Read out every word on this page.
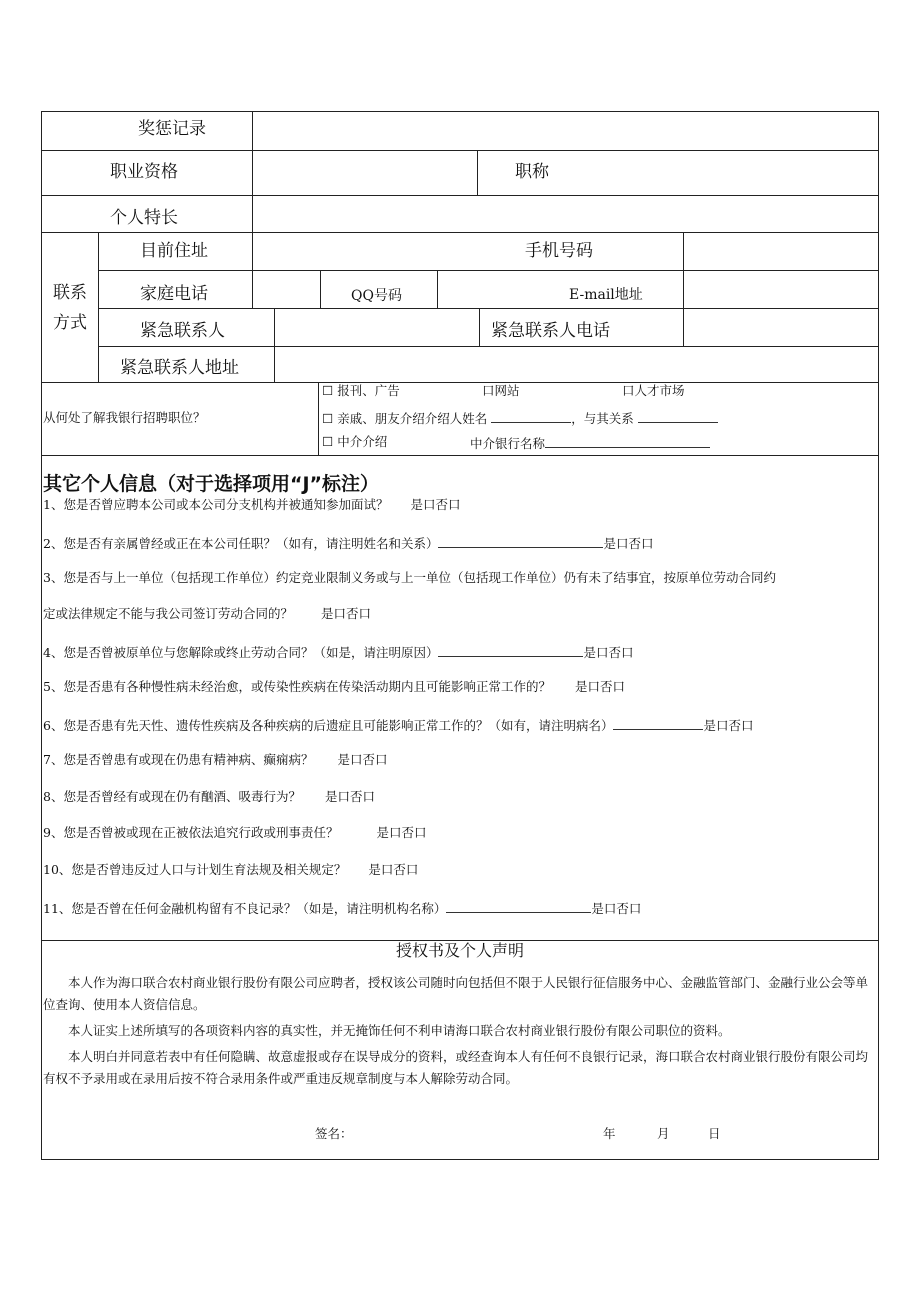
奖惩记录
职业资格	职称
个人特长
联系
方式
目前住址	手机号码
家庭电话	QQ号码	E-mail地址
紧急联系人	紧急联系人电话
紧急联系人地址
从何处了解我银行招聘职位？
☐ 报刊、广告	口网站	口人才市场
☐ 亲戚、朋友介绍介绍人姓名	，与其关系
☐ 中介介绍	中介银行名称
其它个人信息（对于选择项用“J”标注）
1、您是否曾应聘本公司或本公司分支机构并被通知参加面试？ 是口否口
2、您是否有亲属曾经或正在本公司任职？（如有，请注明姓名和关系）	是口否口
3、您是否与上一单位（包括现工作单位）约定竞业限制义务或与上一单位（包括现工作单位）仍有未了结事宜，按原单位劳动合同约
定或法律规定不能与我公司签订劳动合同的？ 是口否口
4、您是否曾被原单位与您解除或终止劳动合同？（如是，请注明原因）	是口否口
5、您是否患有各种慢性病未经治愈，或传染性疾病在传染活动期内且可能影响正常工作的？ 是口否口
6、您是否患有先天性、遗传性疾病及各种疾病的后遗症且可能影响正常工作的？（如有，请注明病名）	是口否口
7、您是否曾患有或现在仍患有精神病、癫痫病？ 是口否口
8、您是否曾经有或现在仍有酗酒、吸毒行为？ 是口否口
9、您是否曾被或现在正被依法追究行政或刑事责任？	是口否口
10、您是否曾违反过人口与计划生育法规及相关规定？ 是口否口
11、您是否曾在任何金融机构留有不良记录？（如是，请注明机构名称）	是口否口
授权书及个人声明
本人作为海口联合农村商业银行股份有限公司应聘者，授权该公司随时向包括但不限于人民银行征信服务中心、金融监管部门、金融行业公会等单位查询、使用本人资信信息。
本人证实上述所填写的各项资料内容的真实性，并无掩饰任何不利申请海口联合农村商业银行股份有限公司职位的资料。
本人明白并同意若表中有任何隐瞒、故意虚报或存在误导成分的资料，或经查询本人有任何不良银行记录，海口联合农村商业银行股份有限公司均有权不予录用或在录用后按不符合录用条件或严重违反规章制度与本人解除劳动合同。
签名：	年	月	日
